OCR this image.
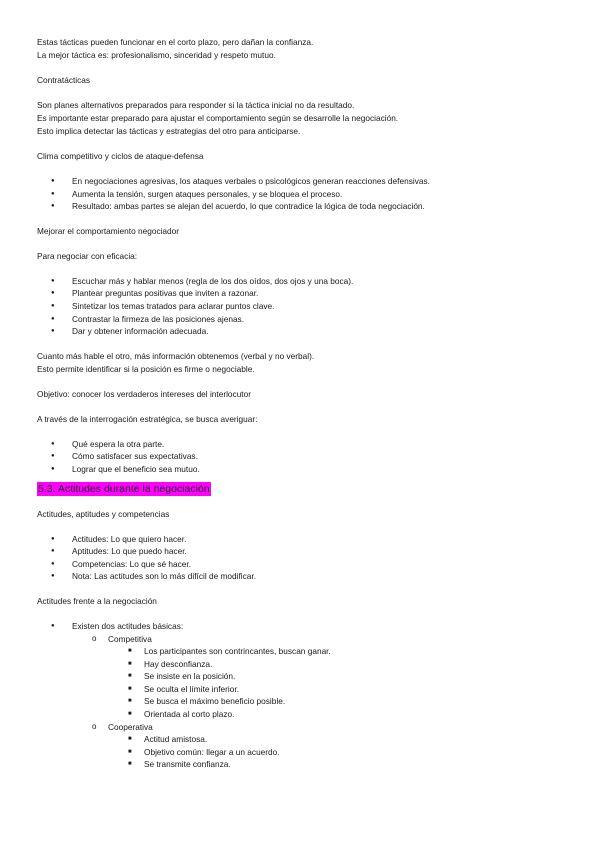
Estas tácticas pueden funcionar en el corto plazo, pero dañan la confianza.

La mejor táctica es: profesionalismo, sinceridad y respeto mutuo.

Contratácticas

Son planes alternativos preparados para responder si la táctica inicial no da resultado.

Es importante estar preparado para ajustar el comportamiento según se desarrolle la negociación.

Esto implica detectar las tácticas y estrategias del otro para anticiparse.

Clima competitivo y ciclos de ataque-defensa

● En negociaciones agresivas, los ataques verbales o psicológicos generan reacciones defensivas.
● Aumenta la tensión, surgen ataques personales, y se bloquea el proceso.
● Resultado: ambas partes se alejan del acuerdo, lo que contradice la lógica de toda negociación.

Mejorar el comportamiento negociador

Para negociar con eficacia:

● Escuchar más y hablar menos (regla de los dos oídos, dos ojos y una boca).
● Plantear preguntas positivas que inviten a razonar.
● Sintetizar los temas tratados para aclarar puntos clave.
● Contrastar la firmeza de las posiciones ajenas.
● Dar y obtener información adecuada.

Cuanto más hable el otro, más información obtenemos (verbal y no verbal).

Esto permite identificar si la posición es firme o negociable.

Objetivo: conocer los verdaderos intereses del interlocutor

A través de la interrogación estratégica, se busca averiguar:

● Qué espera la otra parte.
● Cómo satisfacer sus expectativas.
● Lograr que el beneficio sea mutuo.

5.3. Actitudes durante la negociación

Actitudes, aptitudes y competencias

● Actitudes: Lo que quiero hacer.
● Aptitudes: Lo que puedo hacer.
● Competencias: Lo que sé hacer.
● Nota: Las actitudes son lo más difícil de modificar.

Actitudes frente a la negociación

● Existen dos actitudes básicas:
o Competitiva
■ Los participantes son contrincantes, buscan ganar.
■ Hay desconfianza.
■ Se insiste en la posición.
■ Se oculta el límite inferior.
■ Se busca el máximo beneficio posible.
■ Orientada al corto plazo.
o Cooperativa
■ Actitud amistosa.
■ Objetivo común: llegar a un acuerdo.
■ Se transmite confianza.
